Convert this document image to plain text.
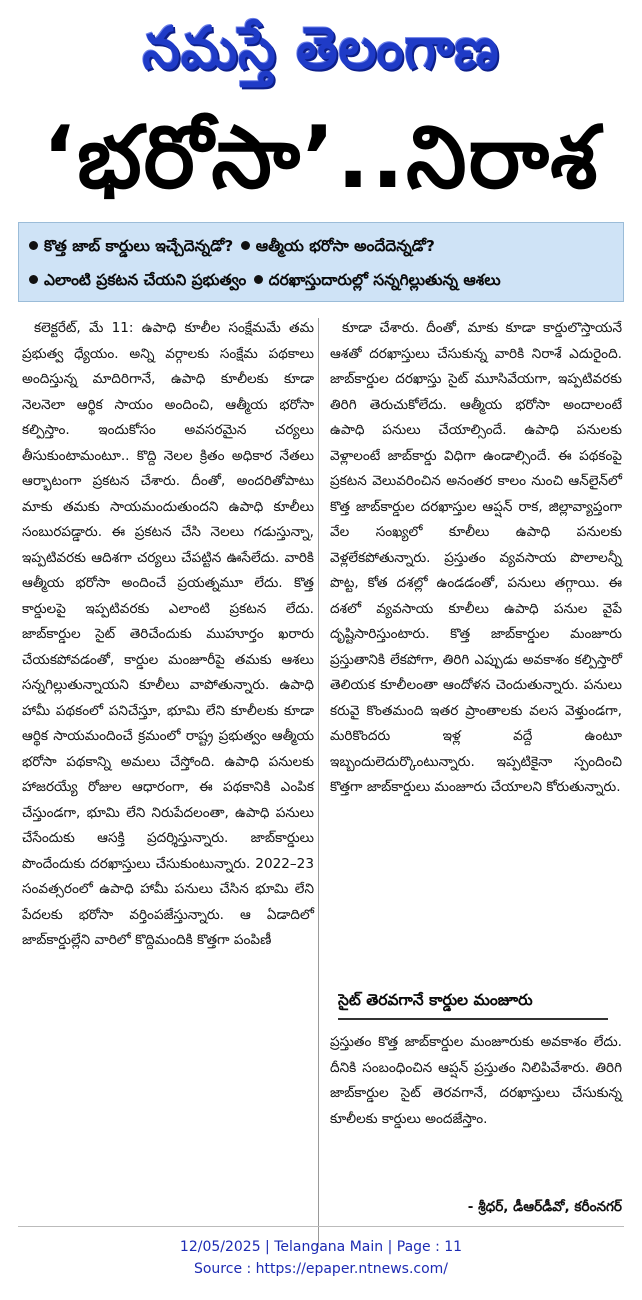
నమస్తే తెలంగాణ
‘భరోసా’..నిరాశ
కొత్త జాబ్ కార్డులు ఇచ్చేదెన్నడో? ఆత్మీయ భరోసా అందేదెన్నడో?
ఎలాంటి ప్రకటన చేయని ప్రభుత్వం దరఖాస్తుదారుల్లో సన్నగిల్లుతున్న ఆశలు

కలెక్టరేట్, మే 11: ఉపాధి కూలీల సంక్షేమమే తమ ప్రభుత్వ ధ్యేయం. అన్ని వర్గాలకు సంక్షేమ పథకాలు అందిస్తున్న మాదిరిగానే, ఉపాధి కూలీలకు కూడా నెలనెలా ఆర్థిక సాయం అందించి, ఆత్మీయ భరోసా కల్పిస్తాం. ఇందుకోసం అవసరమైన చర్యలు తీసుకుంటామంటూ.. కొద్ది నెలల క్రితం అధికార నేతలు ఆర్భాటంగా ప్రకటన చేశారు. దీంతో, అందరితోపాటు మాకు తమకు సాయమందుతుందని ఉపాధి కూలీలు సంబురపడ్డారు. ఈ ప్రకటన చేసి నెలలు గడుస్తున్నా, ఇప్పటివరకు ఆదిశగా చర్యలు చేపట్టిన ఊసేలేదు. వారికి ఆత్మీయ భరోసా అందించే ప్రయత్నమూ లేదు. కొత్త కార్డులపై ఇప్పటివరకు ఎలాంటి ప్రకటన లేదు. జాబ్‌కార్డుల సైట్ తెరిచేందుకు ముహూర్తం ఖరారు చేయకపోవడంతో, కార్డుల మంజూరీపై తమకు ఆశలు సన్నగిల్లుతున్నాయని కూలీలు వాపోతున్నారు. ఉపాధి హామీ పథకంలో పనిచేస్తూ, భూమి లేని కూలీలకు కూడా ఆర్థిక సాయమందించే క్రమంలో రాష్ట్ర ప్రభుత్వం ఆత్మీయ భరోసా పథకాన్ని అమలు చేస్తోంది. ఉపాధి పనులకు హాజరయ్యే రోజుల ఆధారంగా, ఈ పథకానికి ఎంపిక చేస్తుండగా, భూమి లేని నిరుపేదలంతా, ఉపాధి పనులు చేసేందుకు ఆసక్తి ప్రదర్శిస్తున్నారు. జాబ్‌కార్డులు పొందేందుకు దరఖాస్తులు చేసుకుంటున్నారు. 2022–23 సంవత్సరంలో ఉపాధి హామీ పనులు చేసిన భూమి లేని పేదలకు భరోసా వర్తింపజేస్తున్నారు. ఆ ఏడాదిలో జాబ్‌కార్డుల్లేని వారిలో కొద్దిమందికి కొత్తగా పంపిణీ

కూడా చేశారు. దీంతో, మాకు కూడా కార్డులొస్తాయనే ఆశతో దరఖాస్తులు చేసుకున్న వారికి నిరాశే ఎదురైంది. జాబ్‌కార్డుల దరఖాస్తు సైట్ మూసివేయగా, ఇప్పటివరకు తిరిగి తెరుచుకోలేదు. ఆత్మీయ భరోసా అందాలంటే ఉపాధి పనులు చేయాల్సిందే. ఉపాధి పనులకు వెళ్లాలంటే జాబ్‌కార్డు విధిగా ఉండాల్సిందే. ఈ పథకంపై ప్రకటన వెలువరించిన అనంతర కాలం నుంచి ఆన్‌లైన్‌లో కొత్త జాబ్‌కార్డుల దరఖాస్తుల ఆప్షన్ రాక, జిల్లావ్యాప్తంగా వేల సంఖ్యలో కూలీలు ఉపాధి పనులకు వెళ్లలేకపోతున్నారు. ప్రస్తుతం వ్యవసాయ పొలాలన్నీ పొట్ట, కోత దశల్లో ఉండడంతో, పనులు తగ్గాయి. ఈ దశలో వ్యవసాయ కూలీలు ఉపాధి పనుల వైపే దృష్టిసారిస్తుంటారు. కొత్త జాబ్‌కార్డుల మంజూరు ప్రస్తుతానికి లేకపోగా, తిరిగి ఎప్పుడు అవకాశం కల్పిస్తారో తెలియక కూలీలంతా ఆందోళన చెందుతున్నారు. పనులు కరువై కొంతమంది ఇతర ప్రాంతాలకు వలస వెళ్తుండగా, మరికొందరు ఇళ్ల వద్దే ఉంటూ ఇబ్బందులెదుర్కొంటున్నారు. ఇప్పటికైనా స్పందించి కొత్తగా జాబ్‌కార్డులు మంజూరు చేయాలని కోరుతున్నారు.

సైట్ తెరవగానే కార్డుల మంజూరు

ప్రస్తుతం కొత్త జాబ్‌కార్డుల మంజూరుకు అవకాశం లేదు. దీనికి సంబంధించిన ఆప్షన్ ప్రస్తుతం నిలిపివేశారు. తిరిగి జాబ్‌కార్డుల సైట్ తెరవగానే, దరఖాస్తులు చేసుకున్న కూలీలకు కార్డులు అందజేస్తాం.

- శ్రీధర్, డీఆర్‌డీవో, కరీంనగర్
12/05/2025 | Telangana Main | Page : 11
Source : https://epaper.ntnews.com/
